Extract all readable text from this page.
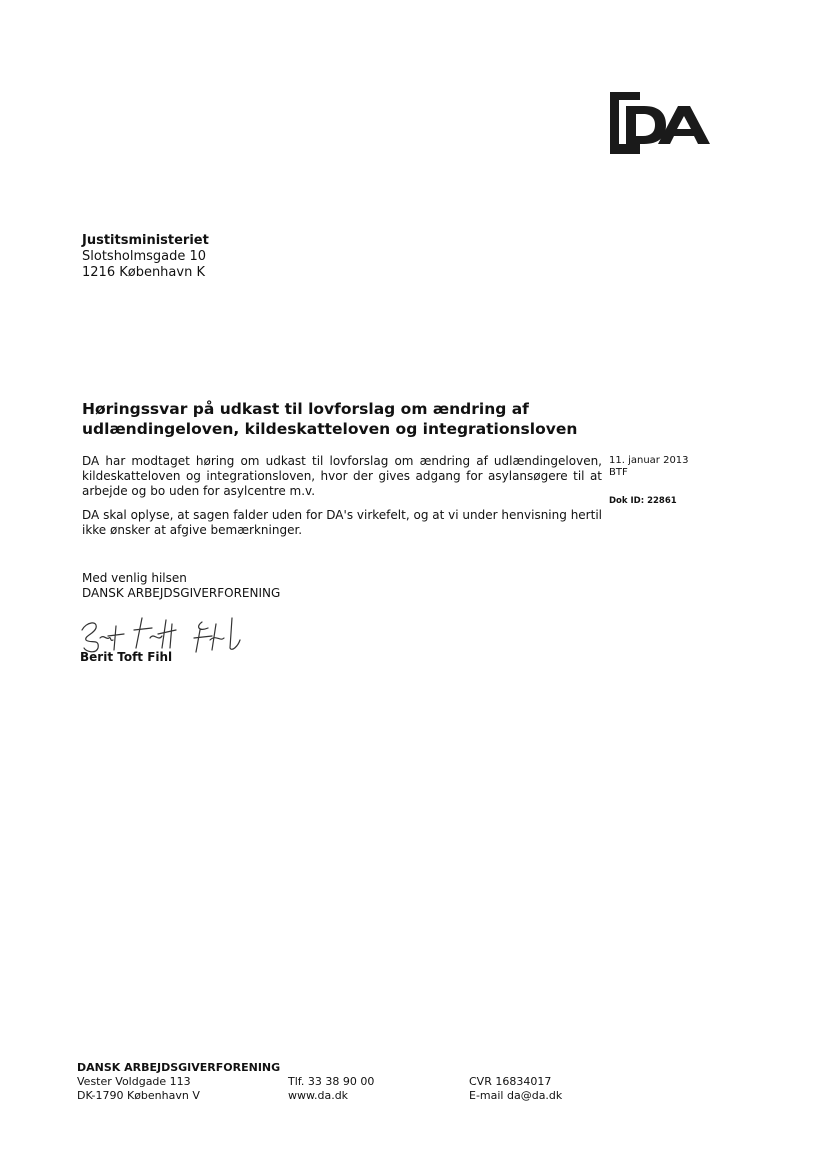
Justitsministeriet
Slotsholmsgade 10
1216 København K
Høringssvar på udkast til lovforslag om ændring af udlændingeloven, kildeskatteloven og integrationsloven

DA har modtaget høring om udkast til lovforslag om ændring af udlændingeloven, kildeskatteloven og integrationsloven, hvor der gives adgang for asylansøgere til at arbejde og bo uden for asylcentre m.v.

DA skal oplyse, at sagen falder uden for DA's virkefelt, og at vi under henvisning hertil ikke ønsker at afgive bemærkninger.

11. januar 2013
BTF
Dok ID: 22861
Med venlig hilsen
DANSK ARBEJDSGIVERFORENING
Berit Toft Fihl
DANSK ARBEJDSGIVERFORENING
Vester Voldgade 113
DK-1790 København V
Tlf. 33 38 90 00
www.da.dk
CVR 16834017
E-mail da@da.dk
